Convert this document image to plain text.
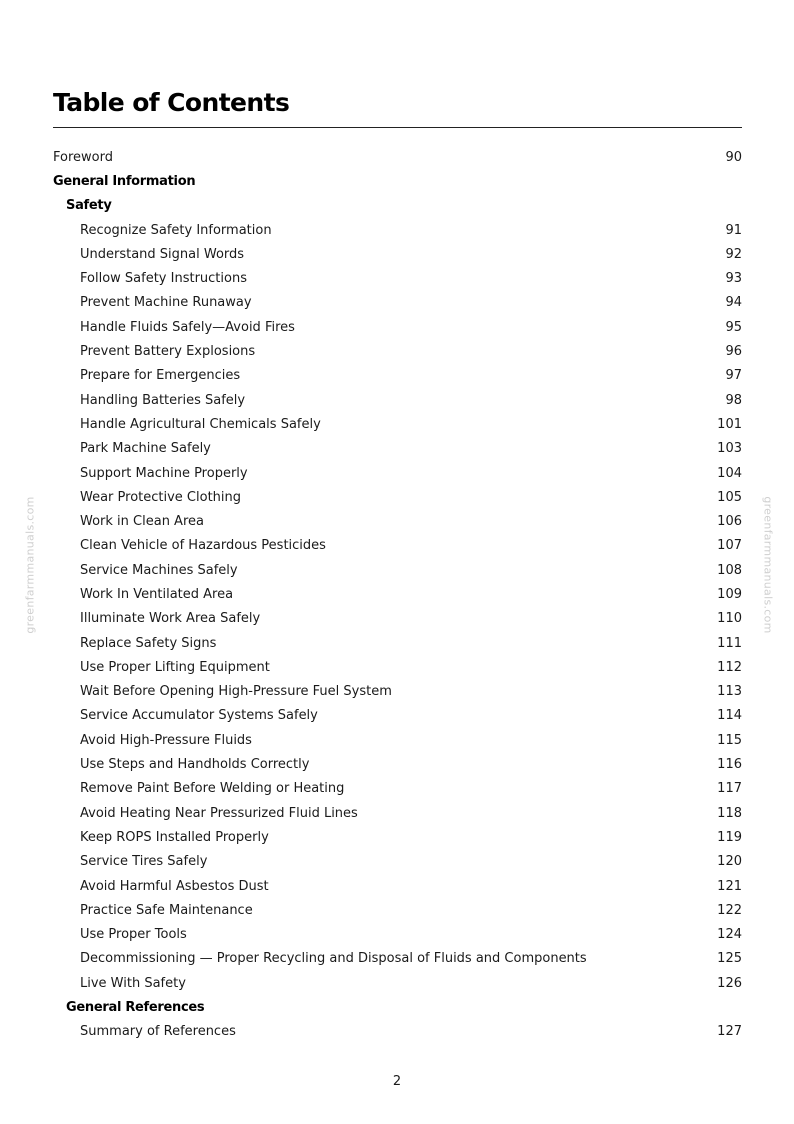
Table of Contents
Foreword	90
General Information
Safety
Recognize Safety Information	91
Understand Signal Words	92
Follow Safety Instructions	93
Prevent Machine Runaway	94
Handle Fluids Safely—Avoid Fires	95
Prevent Battery Explosions	96
Prepare for Emergencies	97
Handling Batteries Safely	98
Handle Agricultural Chemicals Safely	101
Park Machine Safely	103
Support Machine Properly	104
Wear Protective Clothing	105
Work in Clean Area	106
Clean Vehicle of Hazardous Pesticides	107
Service Machines Safely	108
Work In Ventilated Area	109
Illuminate Work Area Safely	110
Replace Safety Signs	111
Use Proper Lifting Equipment	112
Wait Before Opening High-Pressure Fuel System	113
Service Accumulator Systems Safely	114
Avoid High-Pressure Fluids	115
Use Steps and Handholds Correctly	116
Remove Paint Before Welding or Heating	117
Avoid Heating Near Pressurized Fluid Lines	118
Keep ROPS Installed Properly	119
Service Tires Safely	120
Avoid Harmful Asbestos Dust	121
Practice Safe Maintenance	122
Use Proper Tools	124
Decommissioning — Proper Recycling and Disposal of Fluids and Components	125
Live With Safety	126
General References
Summary of References	127
2
greenfarmmanuals.com	greenfarmmanuals.com
